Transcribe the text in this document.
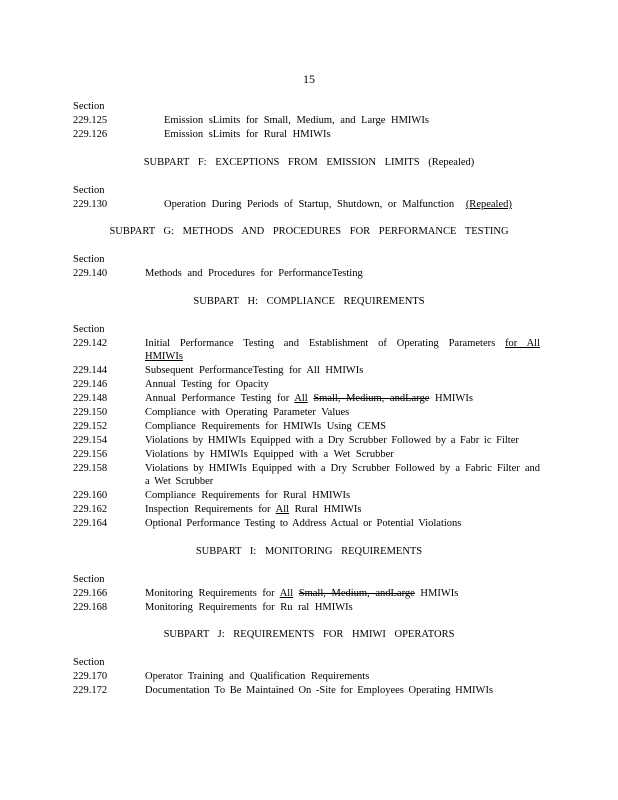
15
Section
229.125	Emission sLimits for Small, Medium, and Large HMIWIs
229.126	Emission sLimits for Rural HMIWIs
SUBPART F: EXCEPTIONS FROM EMISSION LIMITS (Repealed)
Section
229.130	Operation During Periods of Startup, Shutdown, or Malfunction (Repealed)
SUBPART G: METHODS AND PROCEDURES FOR PERFORMANCE TESTING
Section
229.140	Methods and Procedures for PerformanceTesting
SUBPART H: COMPLIANCE REQUIREMENTS
Section
229.142	Initial Performance Testing and Establishment of Operating Parameters for All HMIWIs
229.144	Subsequent PerformanceTesting for All HMIWIs
229.146	Annual Testing for Opacity
229.148	Annual Performance Testing for All Small, Medium, andLarge HMIWIs
229.150	Compliance with Operating Parameter Values
229.152	Compliance Requirements for HMIWIs Using CEMS
229.154	Violations by HMIWIs Equipped with a Dry Scrubber Followed by a Fabr ic Filter
229.156	Violations by HMIWIs Equipped with a Wet Scrubber
229.158	Violations by HMIWIs Equipped with a Dry Scrubber Followed by a Fabric Filter and a Wet Scrubber
229.160	Compliance Requirements for Rural HMIWIs
229.162	Inspection Requirements for All Rural HMIWIs
229.164	Optional Performance Testing to Address Actual or Potential Violations
SUBPART I: MONITORING REQUIREMENTS
Section
229.166	Monitoring Requirements for All Small, Medium, andLarge HMIWIs
229.168	Monitoring Requirements for Ru ral HMIWIs
SUBPART J: REQUIREMENTS FOR HMIWI OPERATORS
Section
229.170	Operator Training and Qualification Requirements
229.172	Documentation To Be Maintained On -Site for Employees Operating HMIWIs
